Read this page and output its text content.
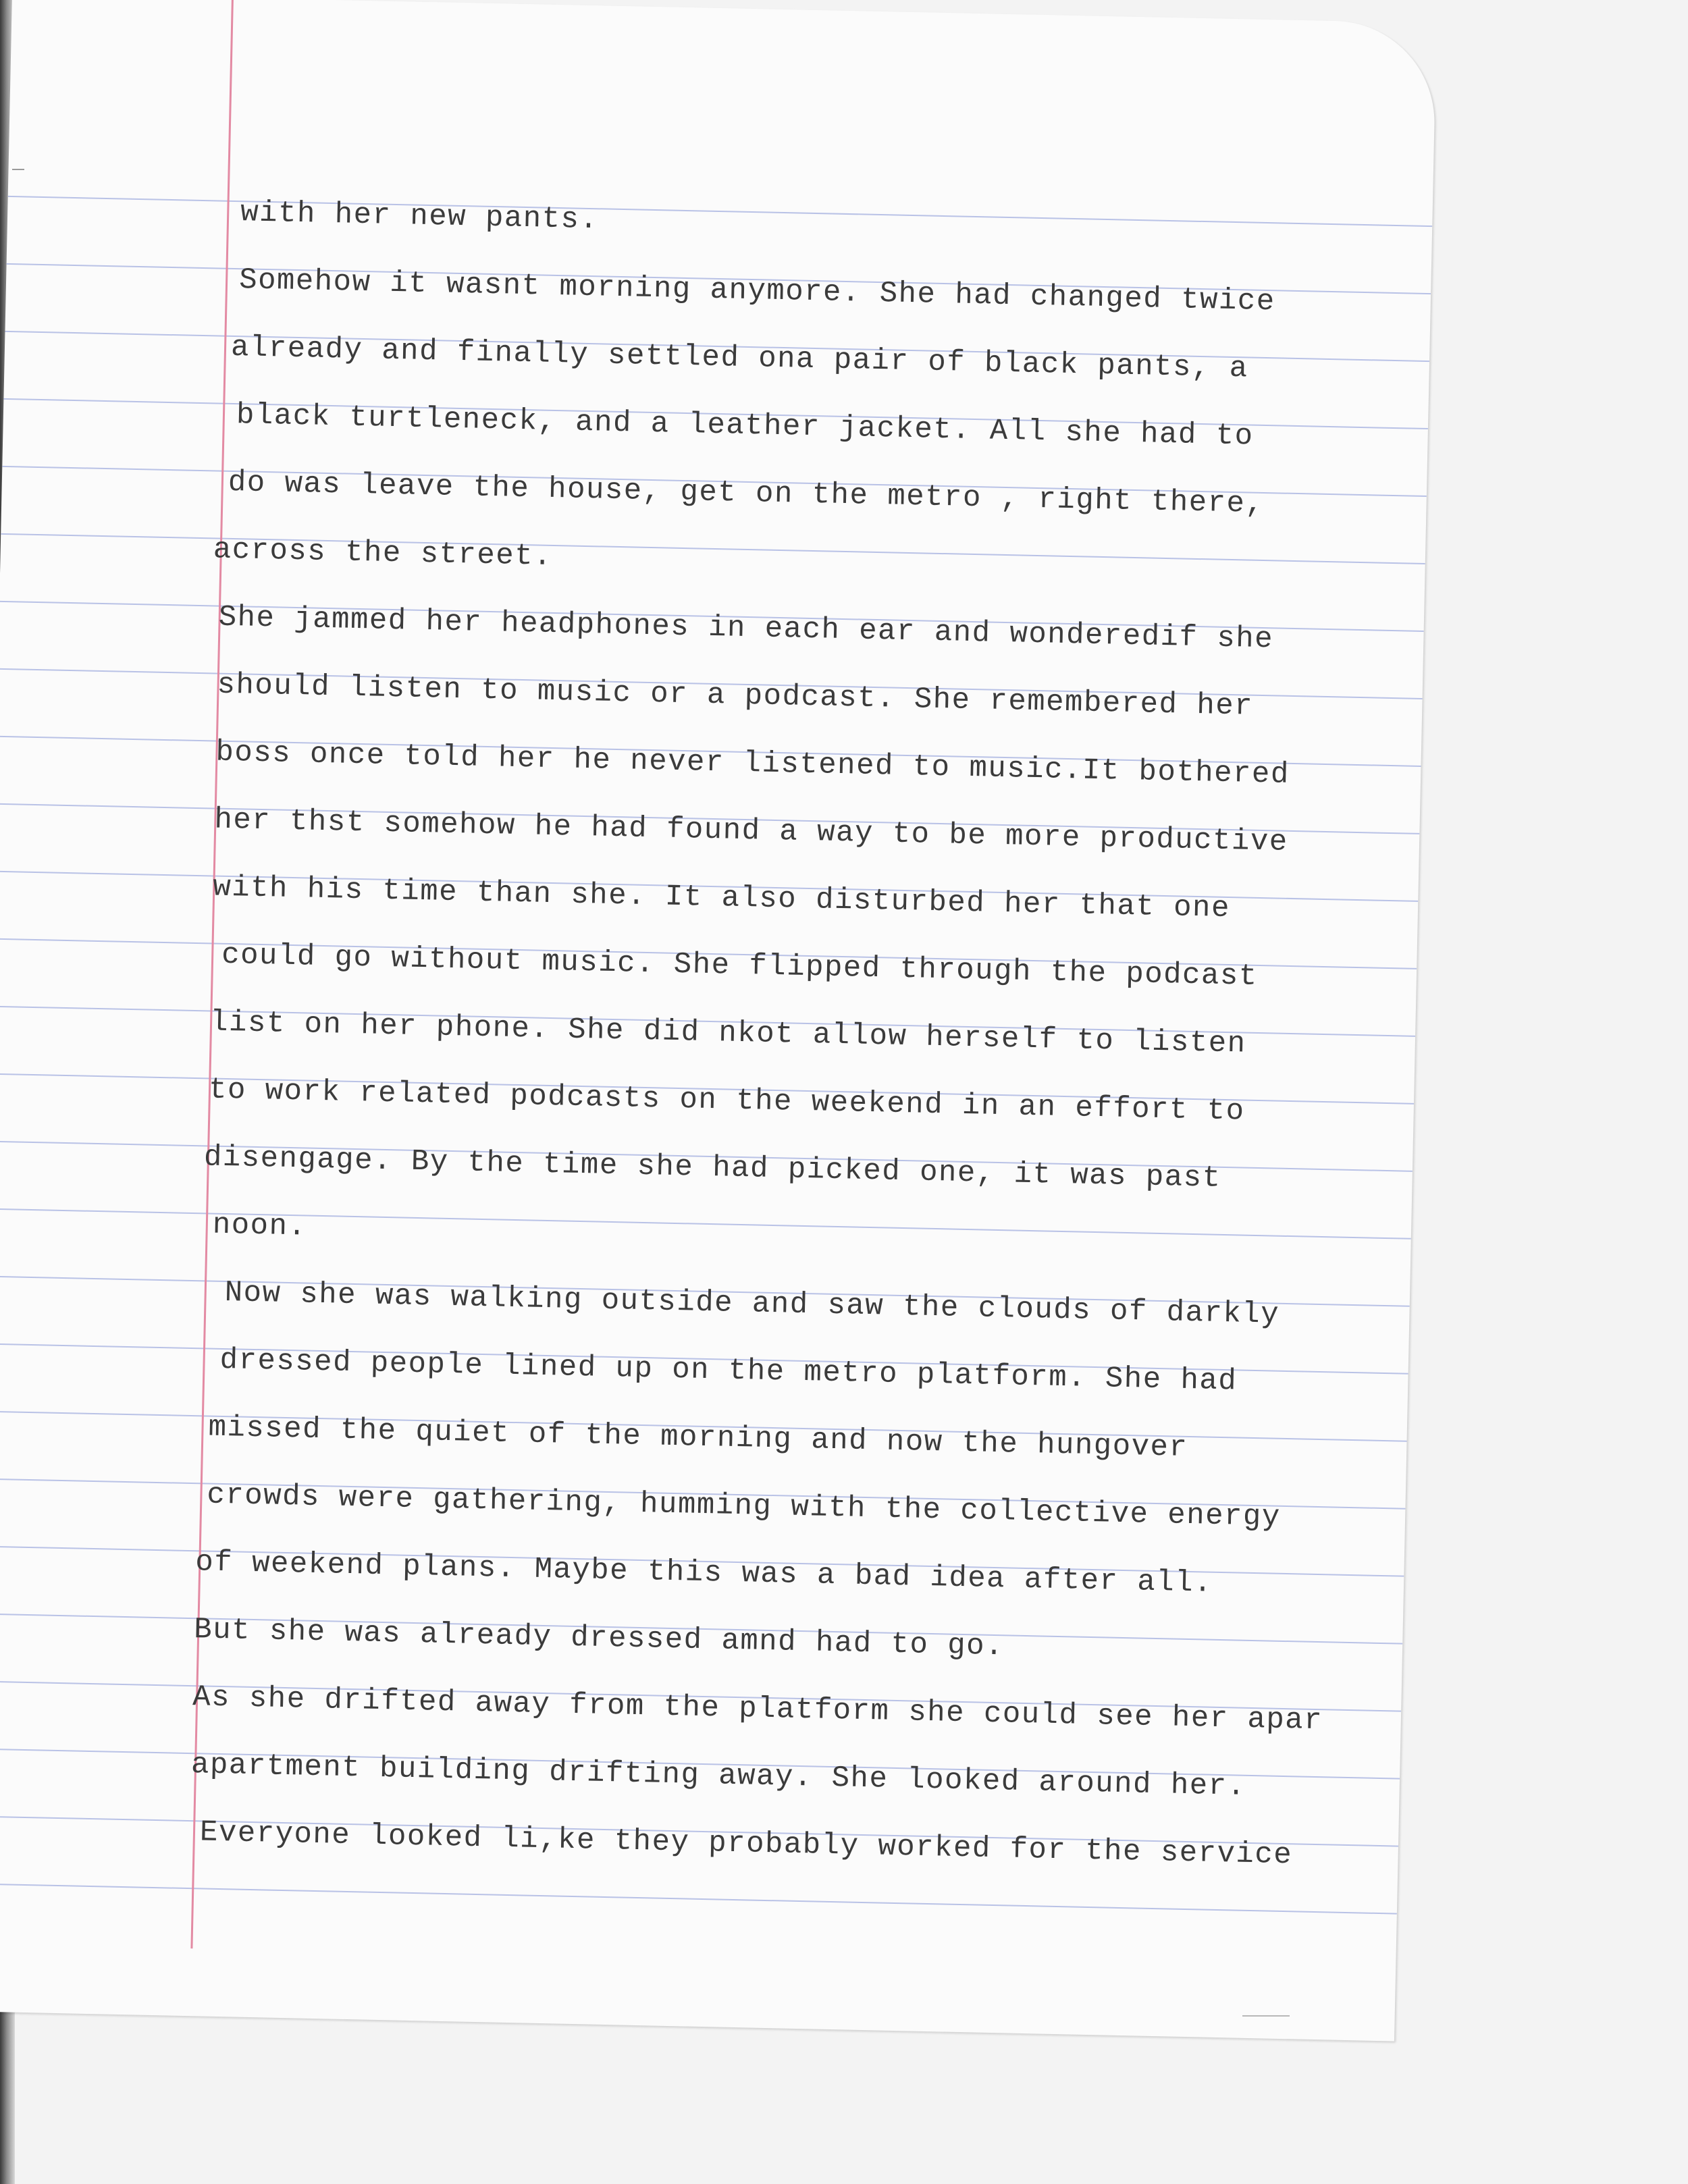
with her new pants.
Somehow it wasnt morning anymore. She had changed twice
already and finally settled ona pair of black pants, a
black turtleneck, and a leather jacket. All she had to
do was leave the house, get on the metro , right there,
across the street.
She jammed her headphones in each ear and wonderedif she
should listen to music or a podcast. She remembered her
boss once told her he never listened to music.It bothered
her thst somehow he had found a way to be more productive
with his time than she. It also disturbed her that one
could go without music. She flipped through the podcast
list on her phone. She did nkot allow herself to listen
to work related podcasts on the weekend in an effort to
disengage. By the time she had picked one, it was past
noon.
Now she was walking outside and saw the clouds of darkly
dressed people lined up on the metro platform. She had
missed the quiet of the morning and now the hungover
crowds were gathering, humming with the collective energy
of weekend plans. Maybe this was a bad idea after all.
But she was already dressed amnd had to go.
As she drifted away from the platform she could see her apar
apartment building drifting away. She looked around her.
Everyone looked li,ke they probably worked for the service
